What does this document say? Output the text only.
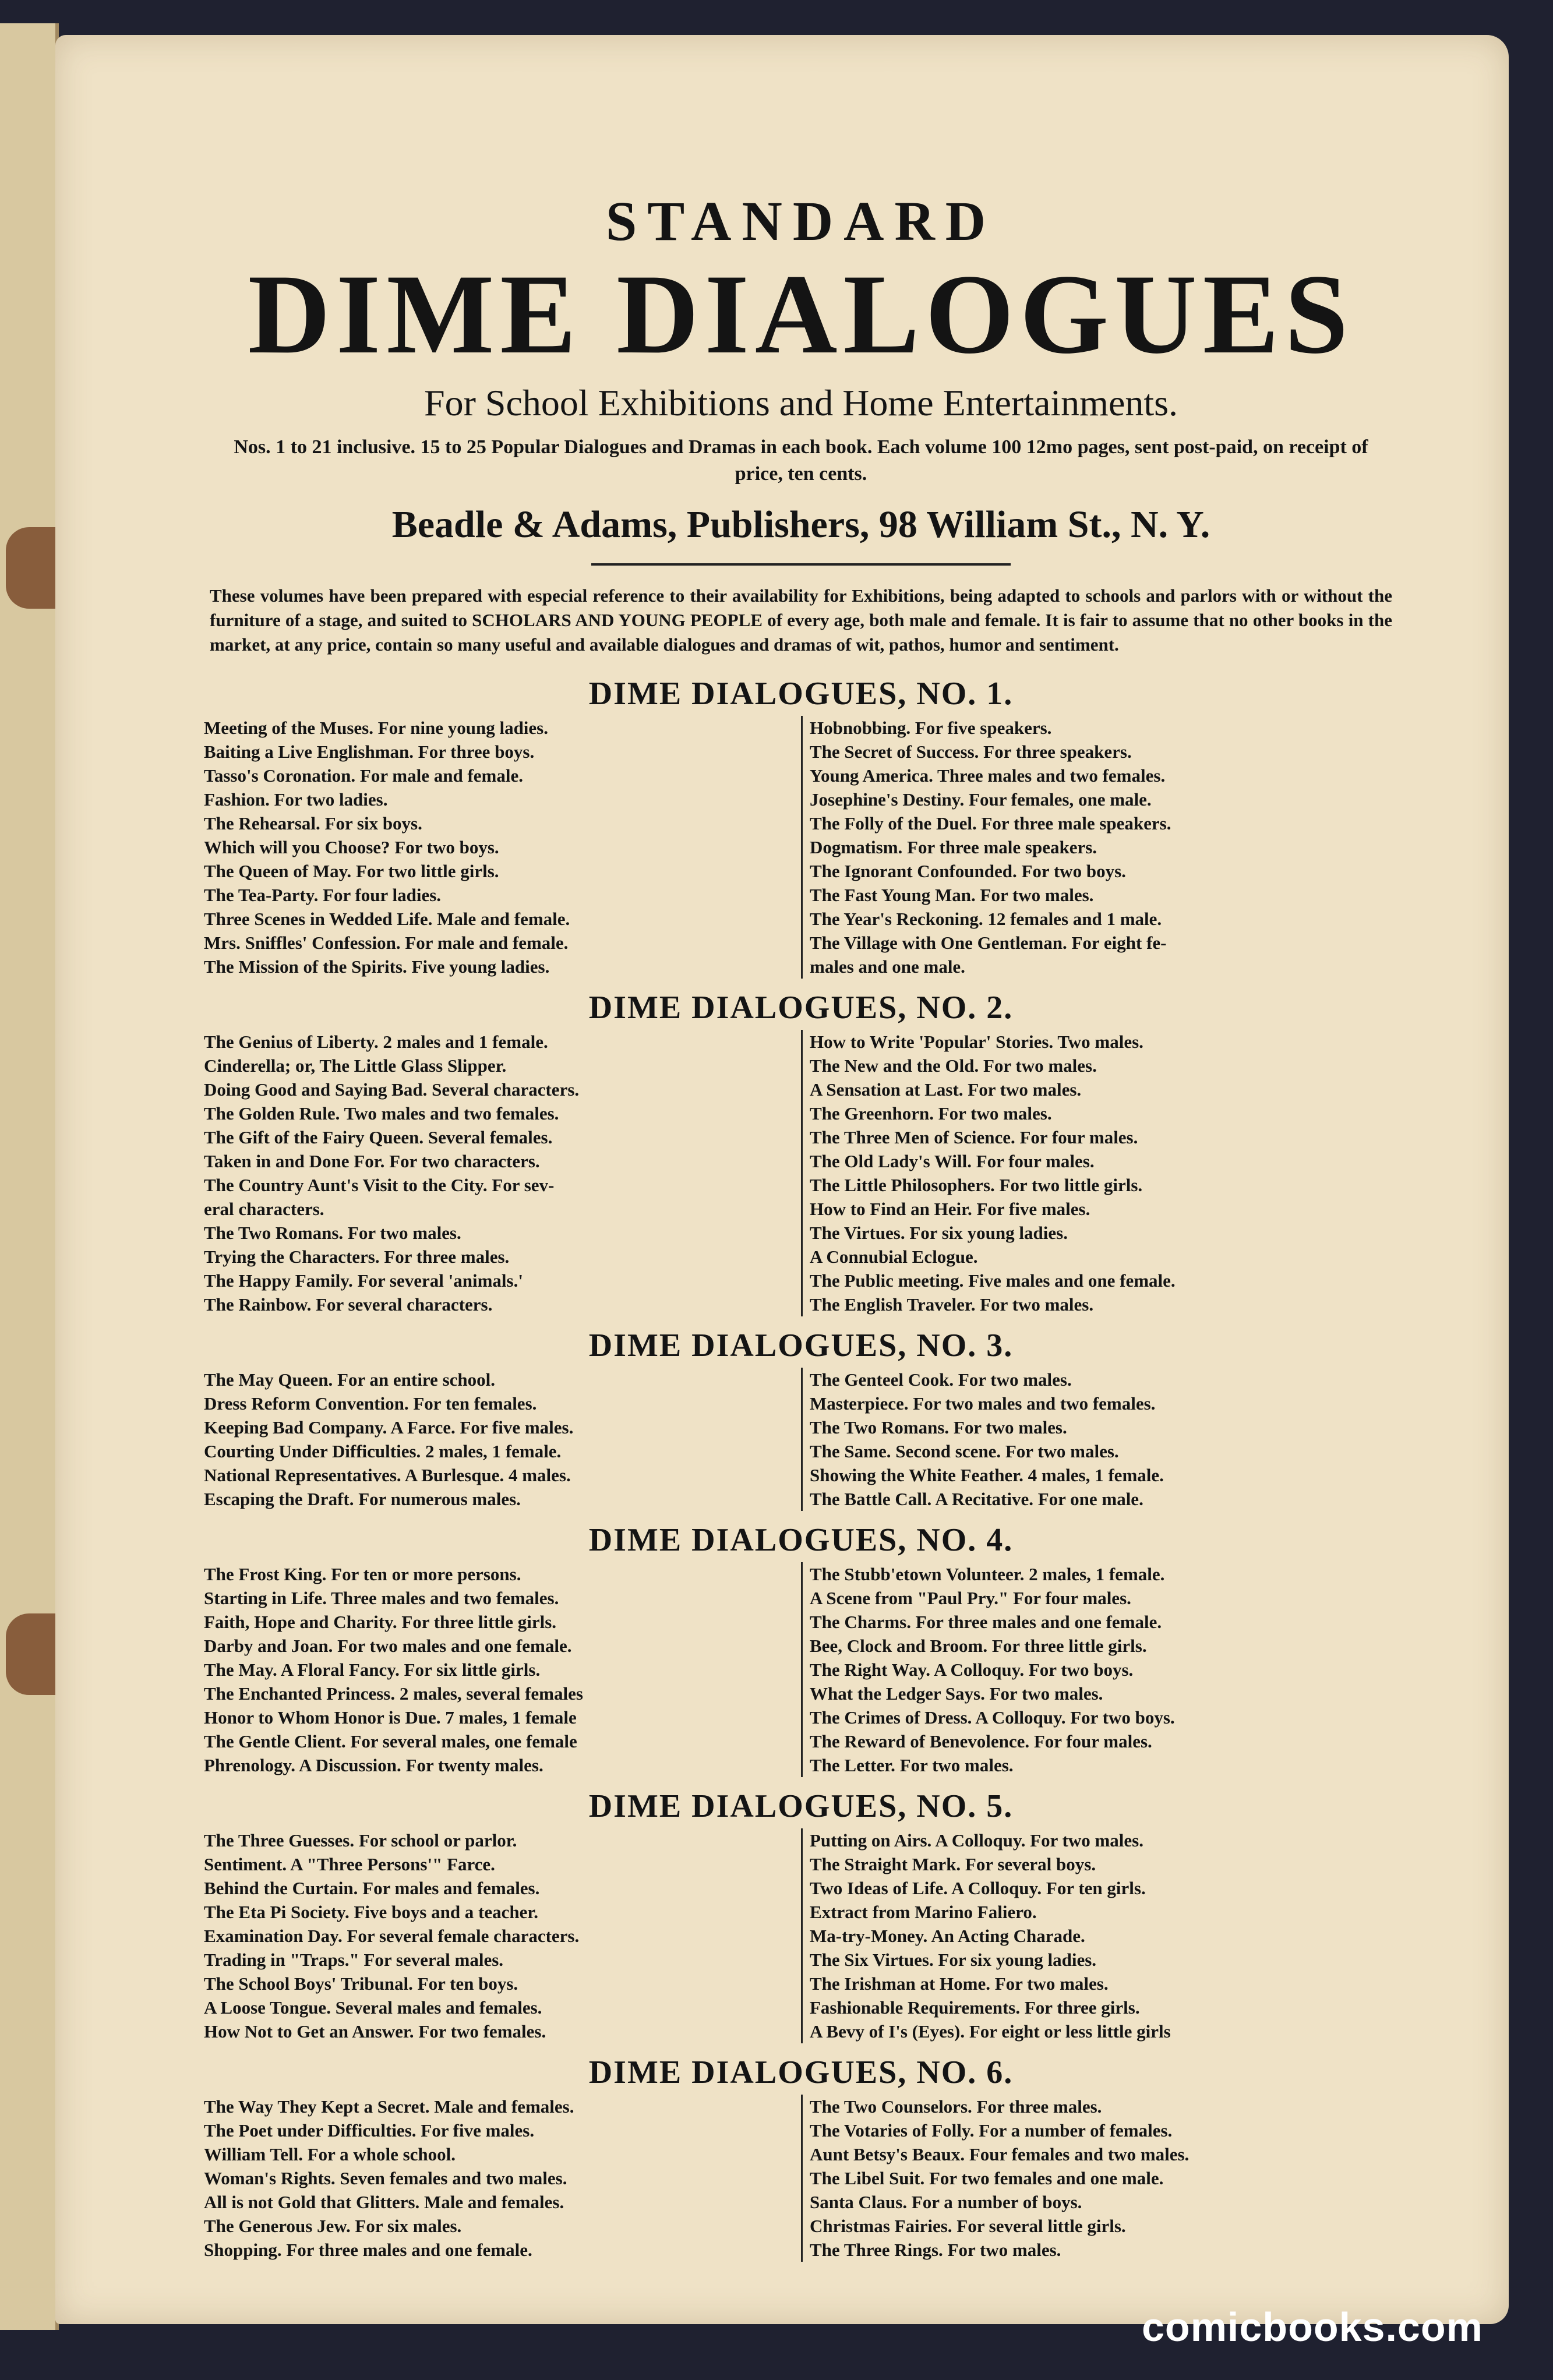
STANDARD

DIME DIALOGUES

For School Exhibitions and Home Entertainments.

Nos. 1 to 21 inclusive. 15 to 25 Popular Dialogues and Dramas in each book. Each volume 100 12mo pages, sent post-paid, on receipt of price, ten cents.

Beadle & Adams, Publishers, 98 William St., N. Y.

These volumes have been prepared with especial reference to their availability for Exhibitions, being adapted to schools and parlors with or without the furniture of a stage, and suited to SCHOLARS AND YOUNG PEOPLE of every age, both male and female. It is fair to assume that no other books in the market, at any price, contain so many useful and available dialogues and dramas of wit, pathos, humor and sentiment.

DIME DIALOGUES, NO. 1.
Meeting of the Muses. For nine young ladies.
Baiting a Live Englishman. For three boys.
Tasso's Coronation. For male and female.
Fashion. For two ladies.
The Rehearsal. For six boys.
Which will you Choose? For two boys.
The Queen of May. For two little girls.
The Tea-Party. For four ladies.
Three Scenes in Wedded Life. Male and female.
Mrs. Sniffles' Confession. For male and female.
The Mission of the Spirits. Five young ladies.
Hobnobbing. For five speakers.
The Secret of Success. For three speakers.
Young America. Three males and two females.
Josephine's Destiny. Four females, one male.
The Folly of the Duel. For three male speakers.
Dogmatism. For three male speakers.
The Ignorant Confounded. For two boys.
The Fast Young Man. For two males.
The Year's Reckoning. 12 females and 1 male.
The Village with One Gentleman. For eight fe-
males and one male.
DIME DIALOGUES, NO. 2.
The Genius of Liberty. 2 males and 1 female.
Cinderella; or, The Little Glass Slipper.
Doing Good and Saying Bad. Several characters.
The Golden Rule. Two males and two females.
The Gift of the Fairy Queen. Several females.
Taken in and Done For. For two characters.
The Country Aunt's Visit to the City. For sev-
eral characters.
The Two Romans. For two males.
Trying the Characters. For three males.
The Happy Family. For several 'animals.'
The Rainbow. For several characters.
How to Write 'Popular' Stories. Two males.
The New and the Old. For two males.
A Sensation at Last. For two males.
The Greenhorn. For two males.
The Three Men of Science. For four males.
The Old Lady's Will. For four males.
The Little Philosophers. For two little girls.
How to Find an Heir. For five males.
The Virtues. For six young ladies.
A Connubial Eclogue.
The Public meeting. Five males and one female.
The English Traveler. For two males.
DIME DIALOGUES, NO. 3.
The May Queen. For an entire school.
Dress Reform Convention. For ten females.
Keeping Bad Company. A Farce. For five males.
Courting Under Difficulties. 2 males, 1 female.
National Representatives. A Burlesque. 4 males.
Escaping the Draft. For numerous males.
The Genteel Cook. For two males.
Masterpiece. For two males and two females.
The Two Romans. For two males.
The Same. Second scene. For two males.
Showing the White Feather. 4 males, 1 female.
The Battle Call. A Recitative. For one male.
DIME DIALOGUES, NO. 4.
The Frost King. For ten or more persons.
Starting in Life. Three males and two females.
Faith, Hope and Charity. For three little girls.
Darby and Joan. For two males and one female.
The May. A Floral Fancy. For six little girls.
The Enchanted Princess. 2 males, several females
Honor to Whom Honor is Due. 7 males, 1 female
The Gentle Client. For several males, one female
Phrenology. A Discussion. For twenty males.
The Stubb'etown Volunteer. 2 males, 1 female.
A Scene from "Paul Pry." For four males.
The Charms. For three males and one female.
Bee, Clock and Broom. For three little girls.
The Right Way. A Colloquy. For two boys.
What the Ledger Says. For two males.
The Crimes of Dress. A Colloquy. For two boys.
The Reward of Benevolence. For four males.
The Letter. For two males.
DIME DIALOGUES, NO. 5.
The Three Guesses. For school or parlor.
Sentiment. A "Three Persons'" Farce.
Behind the Curtain. For males and females.
The Eta Pi Society. Five boys and a teacher.
Examination Day. For several female characters.
Trading in "Traps." For several males.
The School Boys' Tribunal. For ten boys.
A Loose Tongue. Several males and females.
How Not to Get an Answer. For two females.
Putting on Airs. A Colloquy. For two males.
The Straight Mark. For several boys.
Two Ideas of Life. A Colloquy. For ten girls.
Extract from Marino Faliero.
Ma-try-Money. An Acting Charade.
The Six Virtues. For six young ladies.
The Irishman at Home. For two males.
Fashionable Requirements. For three girls.
A Bevy of I's (Eyes). For eight or less little girls
DIME DIALOGUES, NO. 6.
The Way They Kept a Secret. Male and females.
The Poet under Difficulties. For five males.
William Tell. For a whole school.
Woman's Rights. Seven females and two males.
All is not Gold that Glitters. Male and females.
The Generous Jew. For six males.
Shopping. For three males and one female.
The Two Counselors. For three males.
The Votaries of Folly. For a number of females.
Aunt Betsy's Beaux. Four females and two males.
The Libel Suit. For two females and one male.
Santa Claus. For a number of boys.
Christmas Fairies. For several little girls.
The Three Rings. For two males.
comicbooks.com
